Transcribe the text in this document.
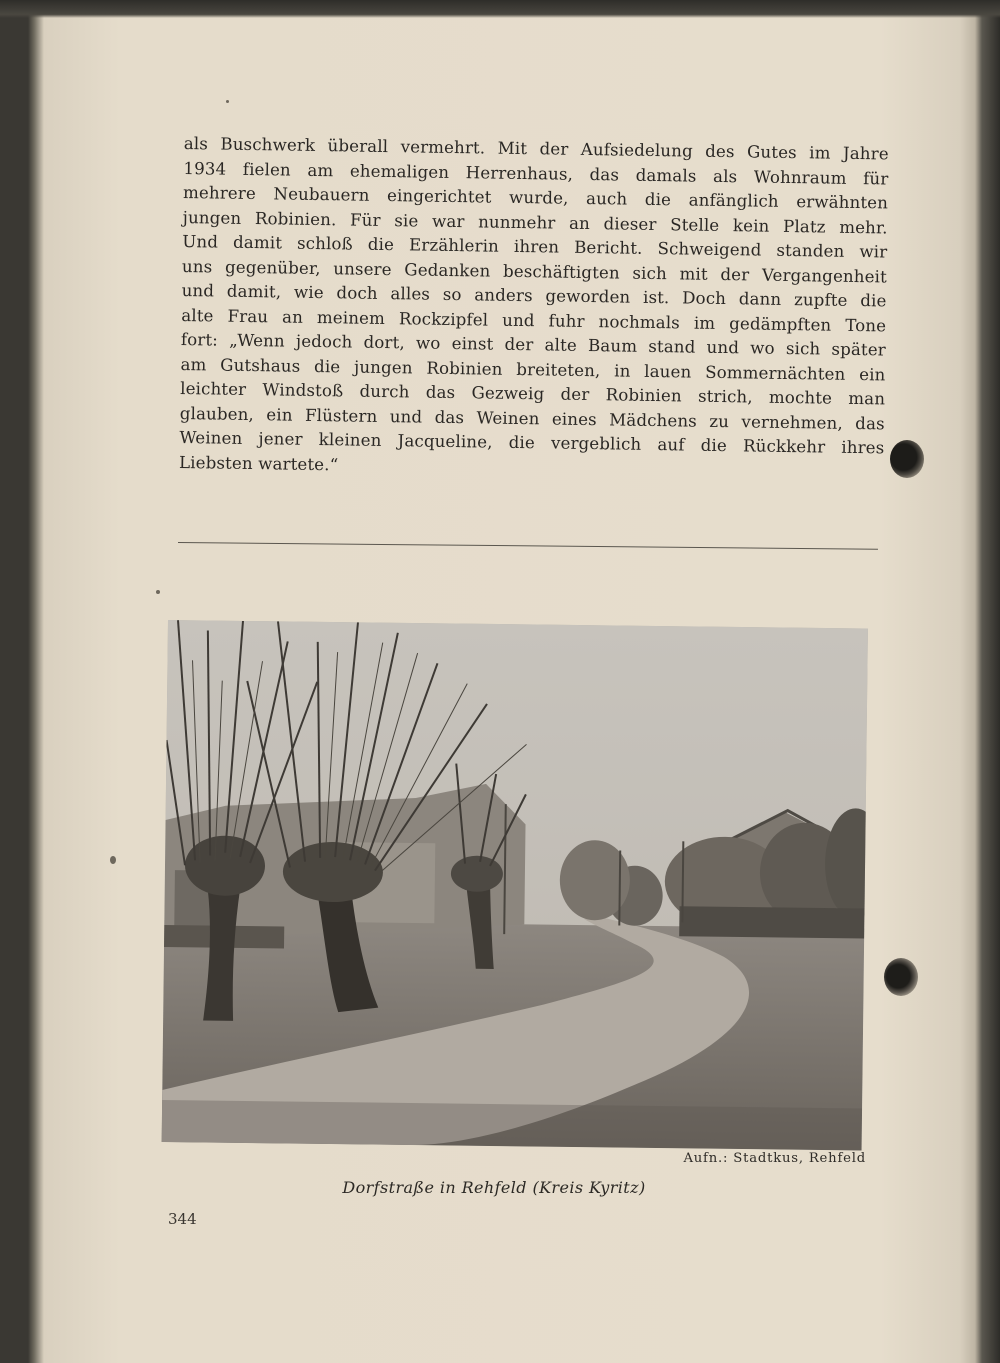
als Buschwerk überall vermehrt. Mit der Aufsiedelung des Gutes im Jahre
1934 fielen am ehemaligen Herrenhaus, das damals als Wohnraum für
mehrere Neubauern eingerichtet wurde, auch die anfänglich erwähnten
jungen Robinien. Für sie war nunmehr an dieser Stelle kein Platz mehr.
Und damit schloß die Erzählerin ihren Bericht. Schweigend standen wir
uns gegenüber, unsere Gedanken beschäftigten sich mit der Vergangenheit
und damit, wie doch alles so anders geworden ist. Doch dann zupfte die
alte Frau an meinem Rockzipfel und fuhr nochmals im gedämpften Tone
fort: „Wenn jedoch dort, wo einst der alte Baum stand und wo sich später
am Gutshaus die jungen Robinien breiteten, in lauen Sommernächten ein
leichter Windstoß durch das Gezweig der Robinien strich, mochte man
glauben, ein Flüstern und das Weinen eines Mädchens zu vernehmen, das
Weinen jener kleinen Jacqueline, die vergeblich auf die Rückkehr ihres
Liebsten wartete.“
Aufn.: Stadtkus, Rehfeld
Dorfstraße in Rehfeld (Kreis Kyritz)
344
